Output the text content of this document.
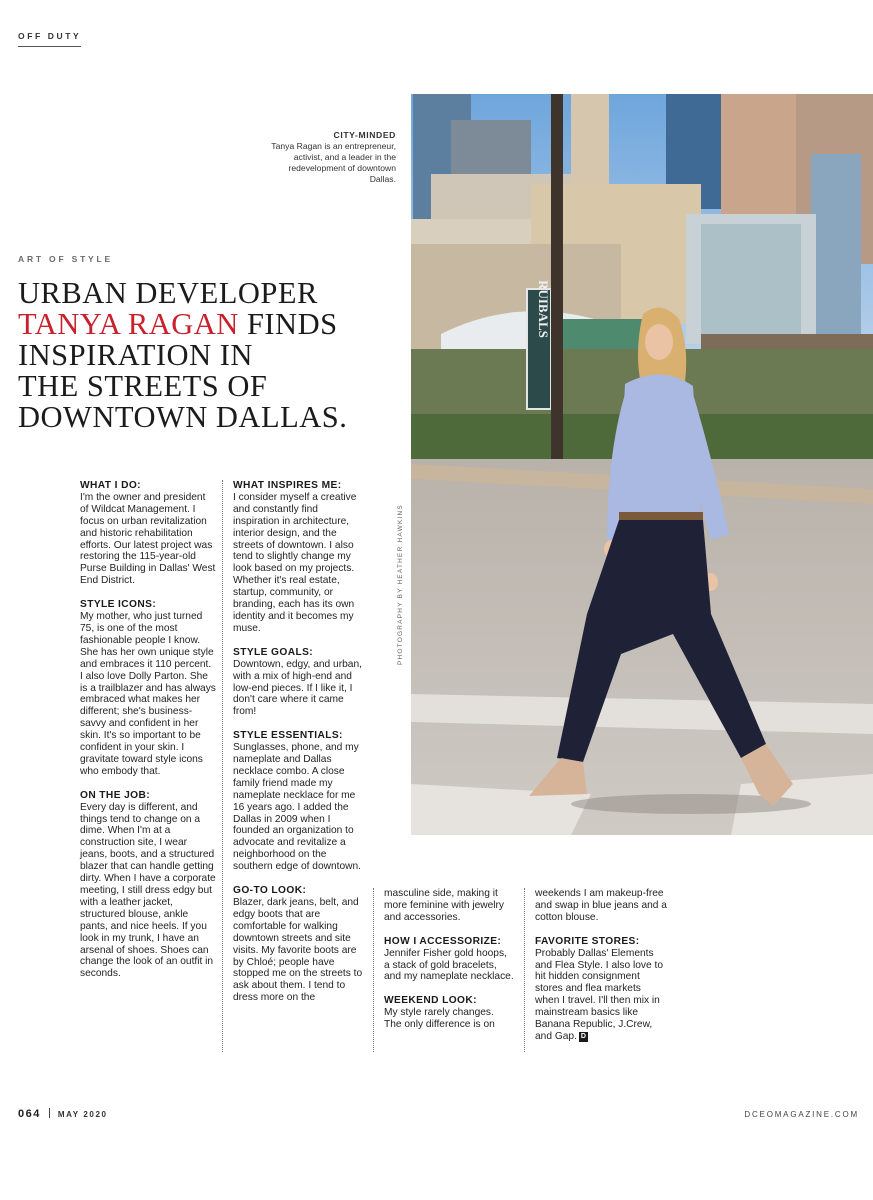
OFF DUTY
CITY-MINDED
Tanya Ragan is an entrepreneur, activist, and a leader in the redevelopment of downtown Dallas.
RUIBALS
PHOTOGRAPHY BY HEATHER HAWKINS
ART OF STYLE
URBAN DEVELOPER
TANYA RAGAN FINDS
INSPIRATION IN
THE STREETS OF
DOWNTOWN DALLAS.

WHAT I DO:
I'm the owner and president of Wildcat Management. I focus on urban revitalization and historic rehabilitation efforts. Our latest project was restoring the 115-year-old Purse Building in Dallas' West End District.

STYLE ICONS:
My mother, who just turned 75, is one of the most fashionable people I know. She has her own unique style and embraces it 110 percent. I also love Dolly Parton. She is a trailblazer and has always embraced what makes her different; she's business-savvy and confident in her skin. It's so important to be confident in your skin. I gravitate toward style icons who embody that.

ON THE JOB:
Every day is different, and things tend to change on a dime. When I'm at a construction site, I wear jeans, boots, and a structured blazer that can handle getting dirty. When I have a corporate meeting, I still dress edgy but with a leather jacket, structured blouse, ankle pants, and nice heels. If you look in my trunk, I have an arsenal of shoes. Shoes can change the look of an outfit in seconds.

WHAT INSPIRES ME:
I consider myself a creative and constantly find inspiration in architecture, interior design, and the streets of downtown. I also tend to slightly change my look based on my projects. Whether it's real estate, startup, community, or branding, each has its own identity and it becomes my muse.

STYLE GOALS:
Downtown, edgy, and urban, with a mix of high-end and low-end pieces. If I like it, I don't care where it came from!

STYLE ESSENTIALS:
Sunglasses, phone, and my nameplate and Dallas necklace combo. A close family friend made my nameplate necklace for me 16 years ago. I added the Dallas in 2009 when I founded an organization to advocate and revitalize a neighborhood on the southern edge of downtown.

GO-TO LOOK:
Blazer, dark jeans, belt, and edgy boots that are comfortable for walking downtown streets and site visits. My favorite boots are by Chloé; people have stopped me on the streets to ask about them. I tend to dress more on the

masculine side, making it more feminine with jewelry and accessories.

HOW I ACCESSORIZE:
Jennifer Fisher gold hoops, a stack of gold bracelets, and my nameplate necklace.

WEEKEND LOOK:
My style rarely changes. The only difference is on

weekends I am makeup-free and swap in blue jeans and a cotton blouse.

FAVORITE STORES:
Probably Dallas' Elements and Flea Style. I also love to hit hidden consignment stores and flea markets when I travel. I'll then mix in mainstream basics like Banana Republic, J.Crew, and Gap. D

064 MAY 2020	DCEOMAGAZINE.COM
